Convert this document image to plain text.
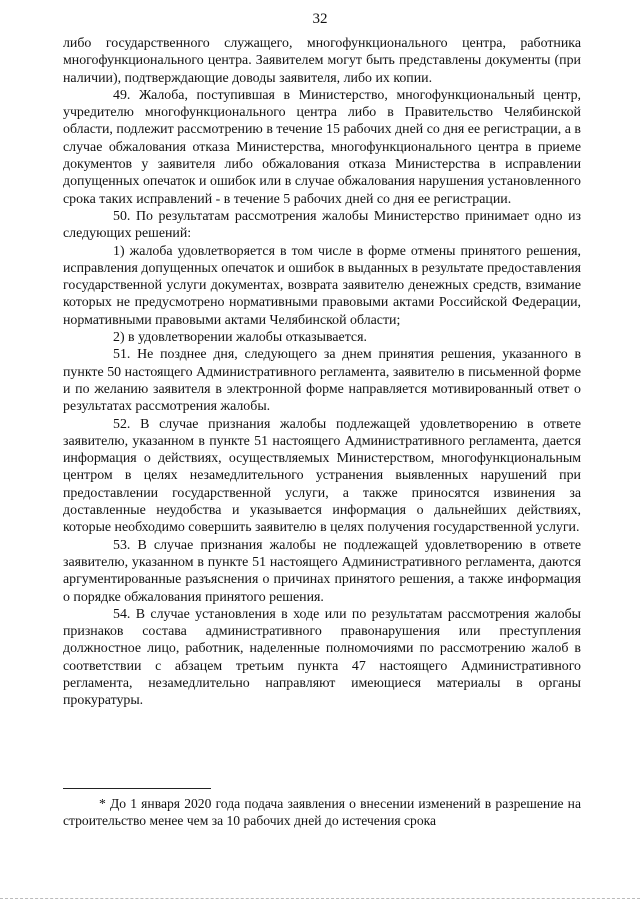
32

либо государственного служащего, многофункционального центра, работника многофункционального центра. Заявителем могут быть представлены документы (при наличии), подтверждающие доводы заявителя, либо их копии.

49. Жалоба, поступившая в Министерство, многофункциональный центр, учредителю многофункционального центра либо в Правительство Челябинской области, подлежит рассмотрению в течение 15 рабочих дней со дня ее регистрации, а в случае обжалования отказа Министерства, многофункционального центра в приеме документов у заявителя либо обжалования отказа Министерства в исправлении допущенных опечаток и ошибок или в случае обжалования нарушения установленного срока таких исправлений - в течение 5 рабочих дней со дня ее регистрации.

50. По результатам рассмотрения жалобы Министерство принимает одно из следующих решений:

1) жалоба удовлетворяется в том числе в форме отмены принятого решения, исправления допущенных опечаток и ошибок в выданных в результате предоставления государственной услуги документах, возврата заявителю денежных средств, взимание которых не предусмотрено нормативными правовыми актами Российской Федерации, нормативными правовыми актами Челябинской области;

2) в удовлетворении жалобы отказывается.

51. Не позднее дня, следующего за днем принятия решения, указанного в пункте 50 настоящего Административного регламента, заявителю в письменной форме и по желанию заявителя в электронной форме направляется мотивированный ответ о результатах рассмотрения жалобы.

52. В случае признания жалобы подлежащей удовлетворению в ответе заявителю, указанном в пункте 51 настоящего Административного регламента, дается информация о действиях, осуществляемых Министерством, многофункциональным центром в целях незамедлительного устранения выявленных нарушений при предоставлении государственной услуги, а также приносятся извинения за доставленные неудобства и указывается информация о дальнейших действиях, которые необходимо совершить заявителю в целях получения государственной услуги.

53. В случае признания жалобы не подлежащей удовлетворению в ответе заявителю, указанном в пункте 51 настоящего Административного регламента, даются аргументированные разъяснения о причинах принятого решения, а также информация о порядке обжалования принятого решения.

54. В случае установления в ходе или по результатам рассмотрения жалобы признаков состава административного правонарушения или преступления должностное лицо, работник, наделенные полномочиями по рассмотрению жалоб в соответствии с абзацем третьим пункта 47 настоящего Административного регламента, незамедлительно направляют имеющиеся материалы в органы прокуратуры.

* До 1 января 2020 года подача заявления о внесении изменений в разрешение на строительство менее чем за 10 рабочих дней до истечения срока
